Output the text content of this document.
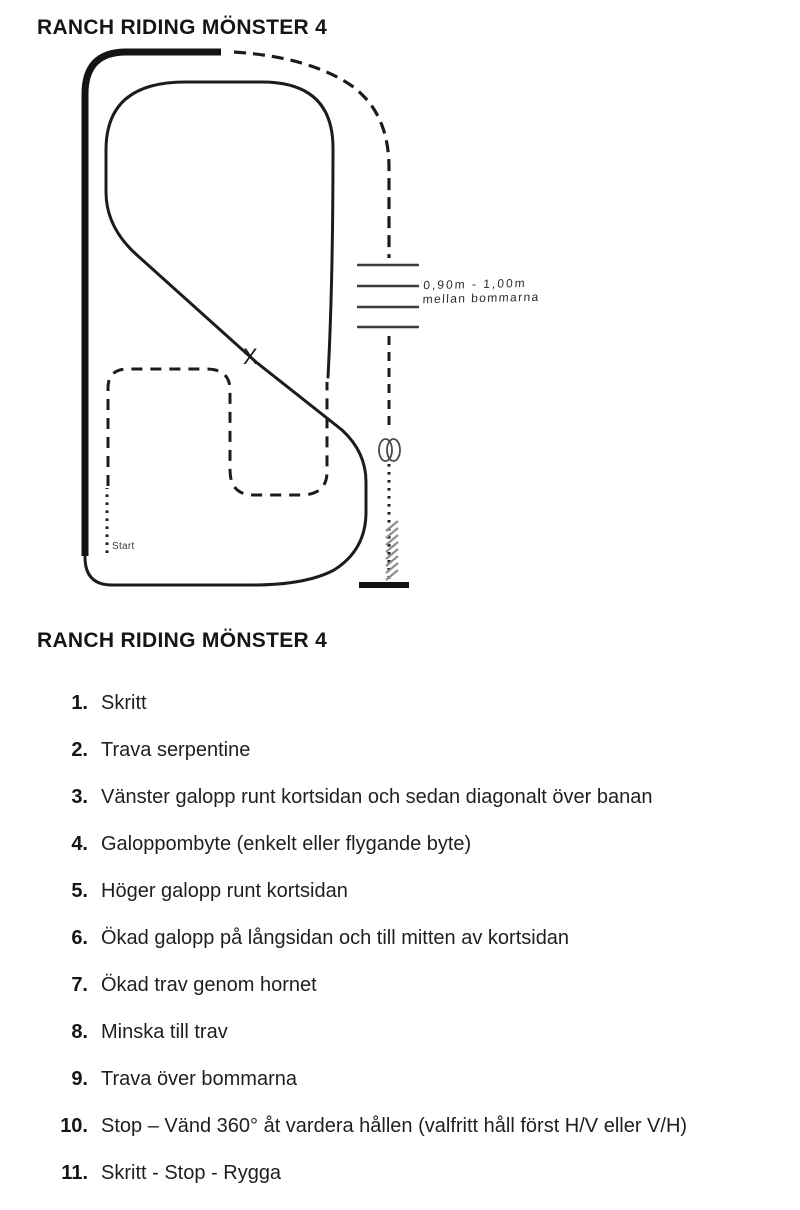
RANCH RIDING MÖNSTER 4
X
Start
0,90m - 1,00m
mellan bommarna
RANCH RIDING MÖNSTER 4
1. Skritt
2. Trava serpentine
3. Vänster galopp runt kortsidan och sedan diagonalt över banan
4. Galoppombyte (enkelt eller flygande byte)
5. Höger galopp runt kortsidan
6. Ökad galopp på långsidan och till mitten av kortsidan
7. Ökad trav genom hornet
8. Minska till trav
9. Trava över bommarna
10. Stop – Vänd 360° åt vardera hållen (valfritt håll först H/V eller V/H)
11. Skritt - Stop - Rygga
